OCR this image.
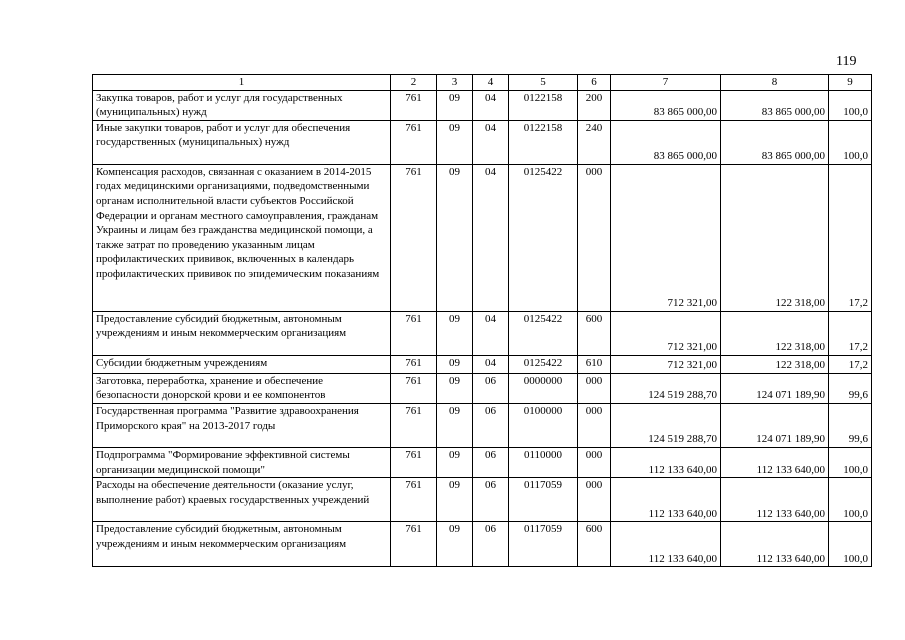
119
1	2	3	4	5	6	7	8	9
Закупка товаров, работ и услуг для государственных (муниципальных) нужд	761	09	04	0122158	200	83 865 000,00	83 865 000,00	100,0
Иные закупки товаров, работ и услуг для обеспечения государственных (муниципальных) нужд	761	09	04	0122158	240	83 865 000,00	83 865 000,00	100,0
Компенсация расходов, связанная с оказанием в 2014-2015 годах медицинскими организациями, подведомственными органам исполнительной власти субъектов Российской Федерации и органам местного самоуправления, гражданам Украины и лицам без гражданства медицинской помощи, а также затрат по проведению указанным лицам профилактических прививок, включенных в календарь профилактических прививок по эпидемическим показаниям	761	09	04	0125422	000	712 321,00	122 318,00	17,2
Предоставление субсидий бюджетным, автономным учреждениям и иным некоммерческим организациям	761	09	04	0125422	600	712 321,00	122 318,00	17,2
Субсидии бюджетным учреждениям	761	09	04	0125422	610	712 321,00	122 318,00	17,2
Заготовка, переработка, хранение и обеспечение безопасности донорской крови и ее компонентов	761	09	06	0000000	000	124 519 288,70	124 071 189,90	99,6
Государственная программа "Развитие здравоохранения Приморского края" на 2013-2017 годы	761	09	06	0100000	000	124 519 288,70	124 071 189,90	99,6
Подпрограмма "Формирование эффективной системы организации медицинской помощи"	761	09	06	0110000	000	112 133 640,00	112 133 640,00	100,0
Расходы на обеспечение деятельности (оказание услуг, выполнение работ) краевых государственных учреждений	761	09	06	0117059	000	112 133 640,00	112 133 640,00	100,0
Предоставление субсидий бюджетным, автономным учреждениям и иным некоммерческим организациям	761	09	06	0117059	600	112 133 640,00	112 133 640,00	100,0
